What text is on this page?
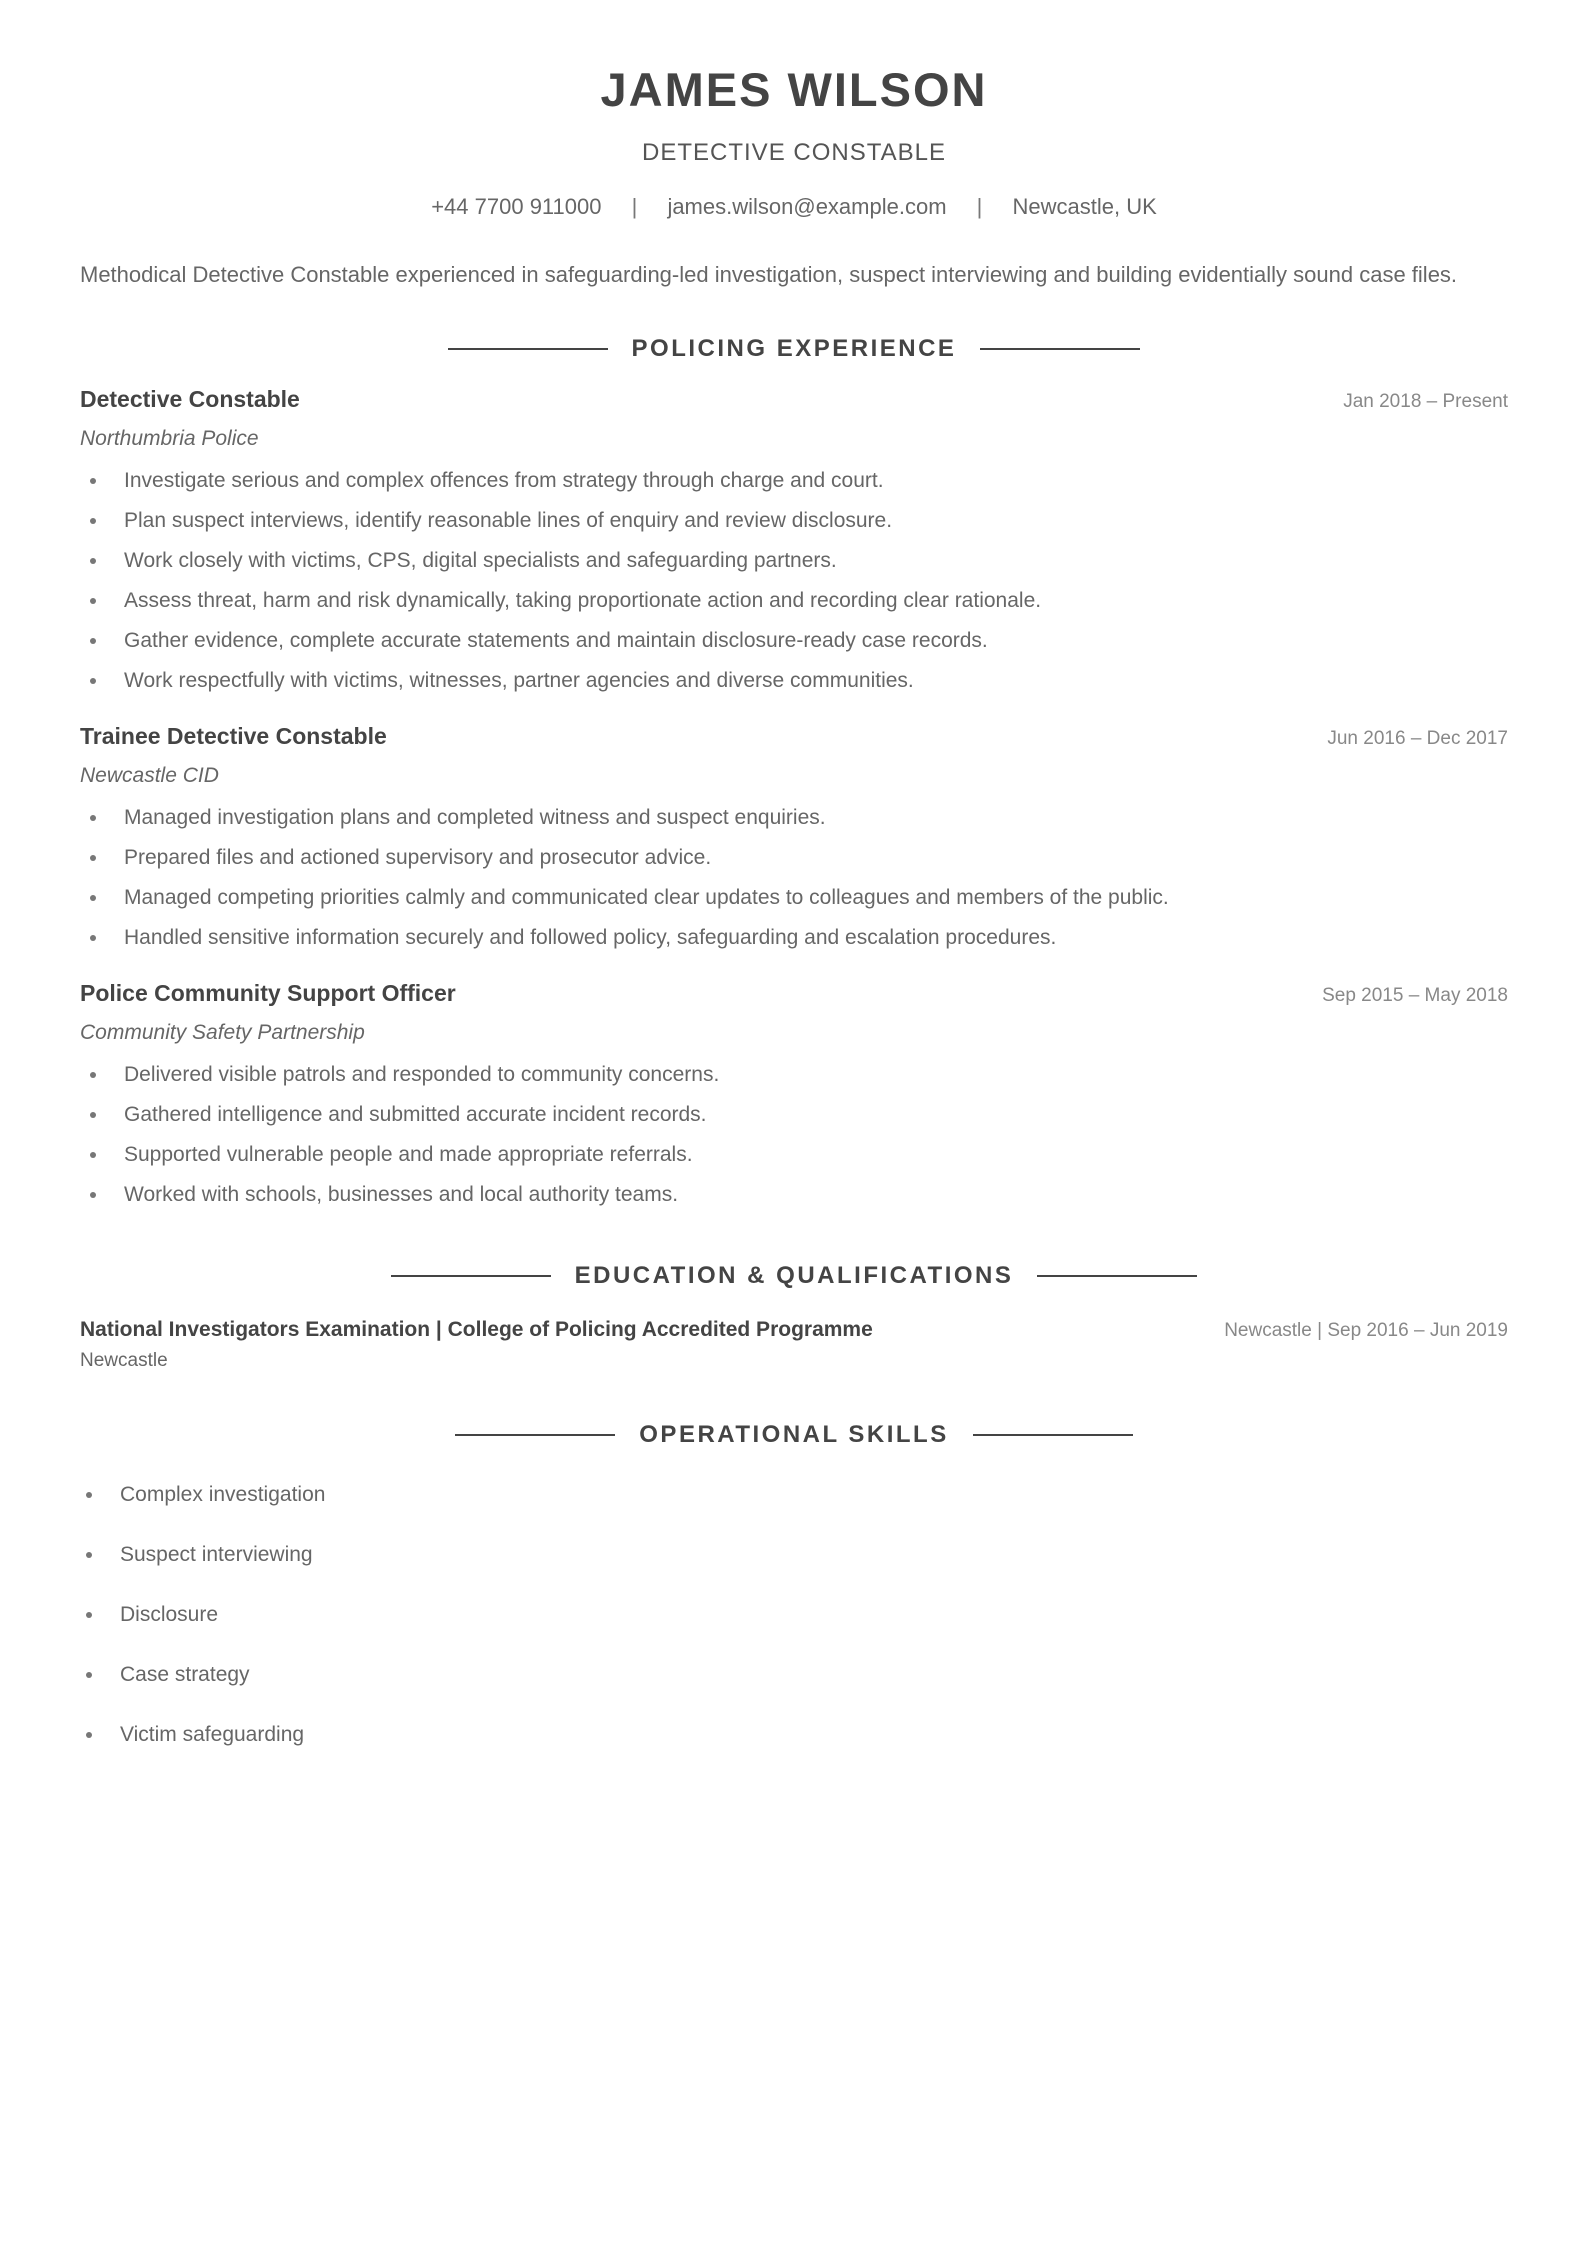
JAMES WILSON
DETECTIVE CONSTABLE
+44 7700 911000 | james.wilson@example.com | Newcastle, UK
Methodical Detective Constable experienced in safeguarding-led investigation, suspect interviewing and building evidentially sound case files.
POLICING EXPERIENCE
Detective Constable	Jan 2018 – Present
Northumbria Police
Investigate serious and complex offences from strategy through charge and court.
Plan suspect interviews, identify reasonable lines of enquiry and review disclosure.
Work closely with victims, CPS, digital specialists and safeguarding partners.
Assess threat, harm and risk dynamically, taking proportionate action and recording clear rationale.
Gather evidence, complete accurate statements and maintain disclosure-ready case records.
Work respectfully with victims, witnesses, partner agencies and diverse communities.
Trainee Detective Constable	Jun 2016 – Dec 2017
Newcastle CID
Managed investigation plans and completed witness and suspect enquiries.
Prepared files and actioned supervisory and prosecutor advice.
Managed competing priorities calmly and communicated clear updates to colleagues and members of the public.
Handled sensitive information securely and followed policy, safeguarding and escalation procedures.
Police Community Support Officer	Sep 2015 – May 2018
Community Safety Partnership
Delivered visible patrols and responded to community concerns.
Gathered intelligence and submitted accurate incident records.
Supported vulnerable people and made appropriate referrals.
Worked with schools, businesses and local authority teams.
EDUCATION & QUALIFICATIONS
National Investigators Examination | College of Policing Accredited Programme	Newcastle | Sep 2016 – Jun 2019
Newcastle
OPERATIONAL SKILLS
Complex investigation
Suspect interviewing
Disclosure
Case strategy
Victim safeguarding
